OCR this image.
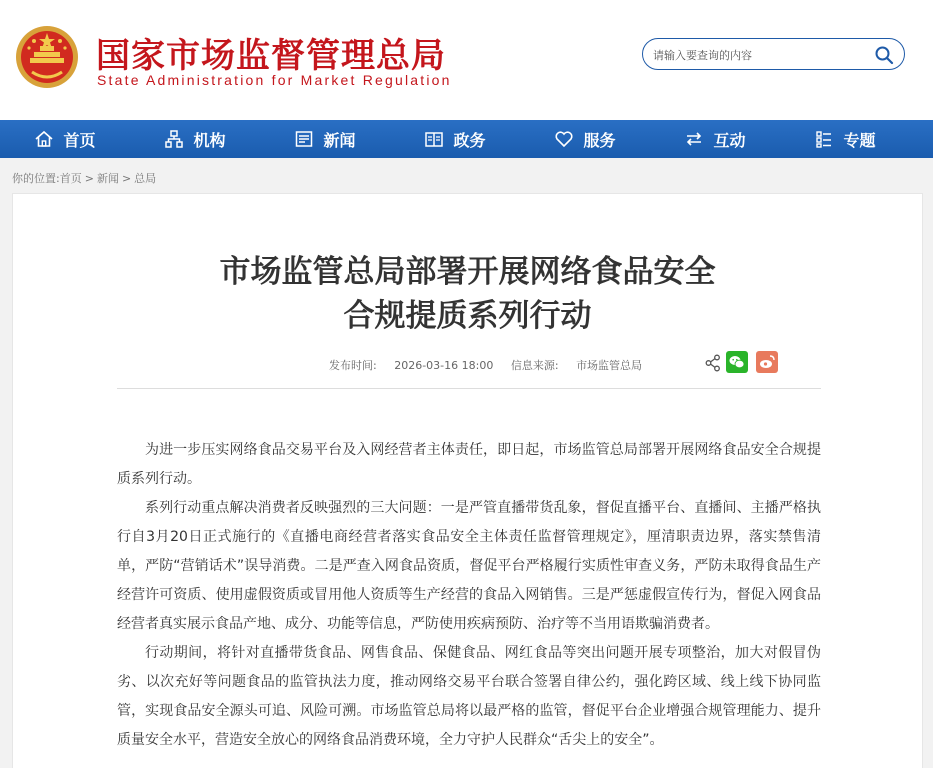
国家市场监督管理总局
State Administration for Market Regulation
请输入要查询的内容
首页	机构	新闻	政务	服务	互动	专题
你的位置:首页 > 新闻 > 总局
市场监管总局部署开展网络食品安全
合规提质系列行动
发布时间: 2026-03-16 18:00 信息来源: 市场监管总局

为进一步压实网络食品交易平台及入网经营者主体责任，即日起，市场监管总局部署开展网络食品安全合规提质系列行动。

系列行动重点解决消费者反映强烈的三大问题：一是严管直播带货乱象，督促直播平台、直播间、主播严格执行自3月20日正式施行的《直播电商经营者落实食品安全主体责任监督管理规定》，厘清职责边界，落实禁售清单，严防“营销话术”误导消费。二是严查入网食品资质，督促平台严格履行实质性审查义务，严防未取得食品生产经营许可资质、使用虚假资质或冒用他人资质等生产经营的食品入网销售。三是严惩虚假宣传行为，督促入网食品经营者真实展示食品产地、成分、功能等信息，严防使用疾病预防、治疗等不当用语欺骗消费者。

行动期间，将针对直播带货食品、网售食品、保健食品、网红食品等突出问题开展专项整治，加大对假冒伪劣、以次充好等问题食品的监管执法力度，推动网络交易平台联合签署自律公约，强化跨区域、线上线下协同监管，实现食品安全源头可追、风险可溯。市场监管总局将以最严格的监管，督促平台企业增强合规管理能力、提升质量安全水平，营造安全放心的网络食品消费环境，全力守护人民群众“舌尖上的安全”。
